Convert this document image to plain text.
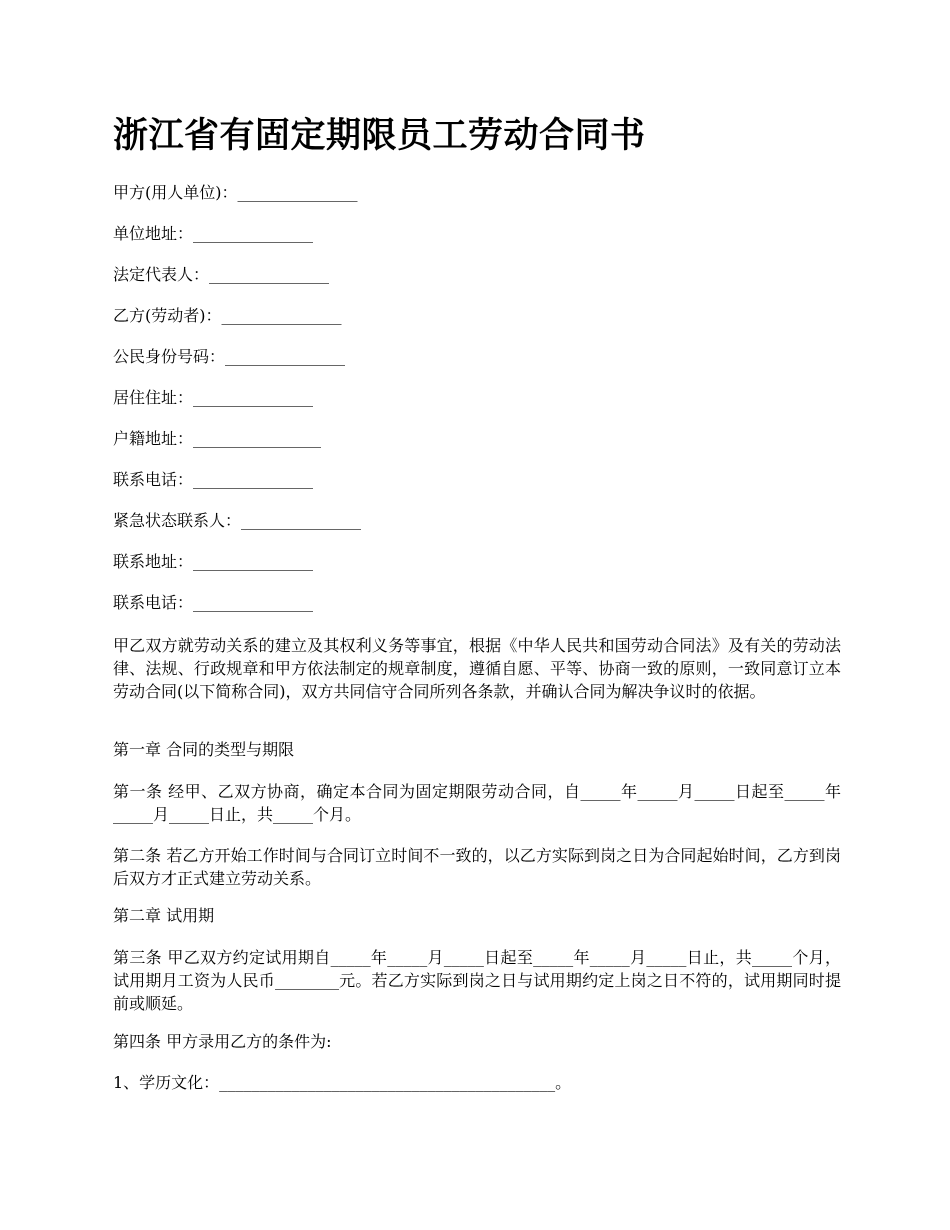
浙江省有固定期限员工劳动合同书

甲方(用人单位)：_______________

单位地址：_______________

法定代表人：_______________

乙方(劳动者)：_______________

公民身份号码：_______________

居住住址：_______________

户籍地址：________________

联系电话：_______________

紧急状态联系人：_______________

联系地址：_______________

联系电话：_______________

甲乙双方就劳动关系的建立及其权利义务等事宜，根据《中华人民共和国劳动合同法》及有关的劳动法律、法规、行政规章和甲方依法制定的规章制度，遵循自愿、平等、协商一致的原则，一致同意订立本劳动合同(以下简称合同)，双方共同信守合同所列各条款，并确认合同为解决争议时的依据。

第一章 合同的类型与期限

第一条 经甲、乙双方协商，确定本合同为固定期限劳动合同，自_____年_____月_____日起至_____年_____月_____日止，共_____个月。

第二条 若乙方开始工作时间与合同订立时间不一致的，以乙方实际到岗之日为合同起始时间，乙方到岗后双方才正式建立劳动关系。

第二章 试用期

第三条 甲乙双方约定试用期自_____年_____月_____日起至_____年_____月_____日止，共_____个月，试用期月工资为人民币________元。若乙方实际到岗之日与试用期约定上岗之日不符的，试用期同时提前或顺延。

第四条 甲方录用乙方的条件为:

1、学历文化：__________________________________________。
